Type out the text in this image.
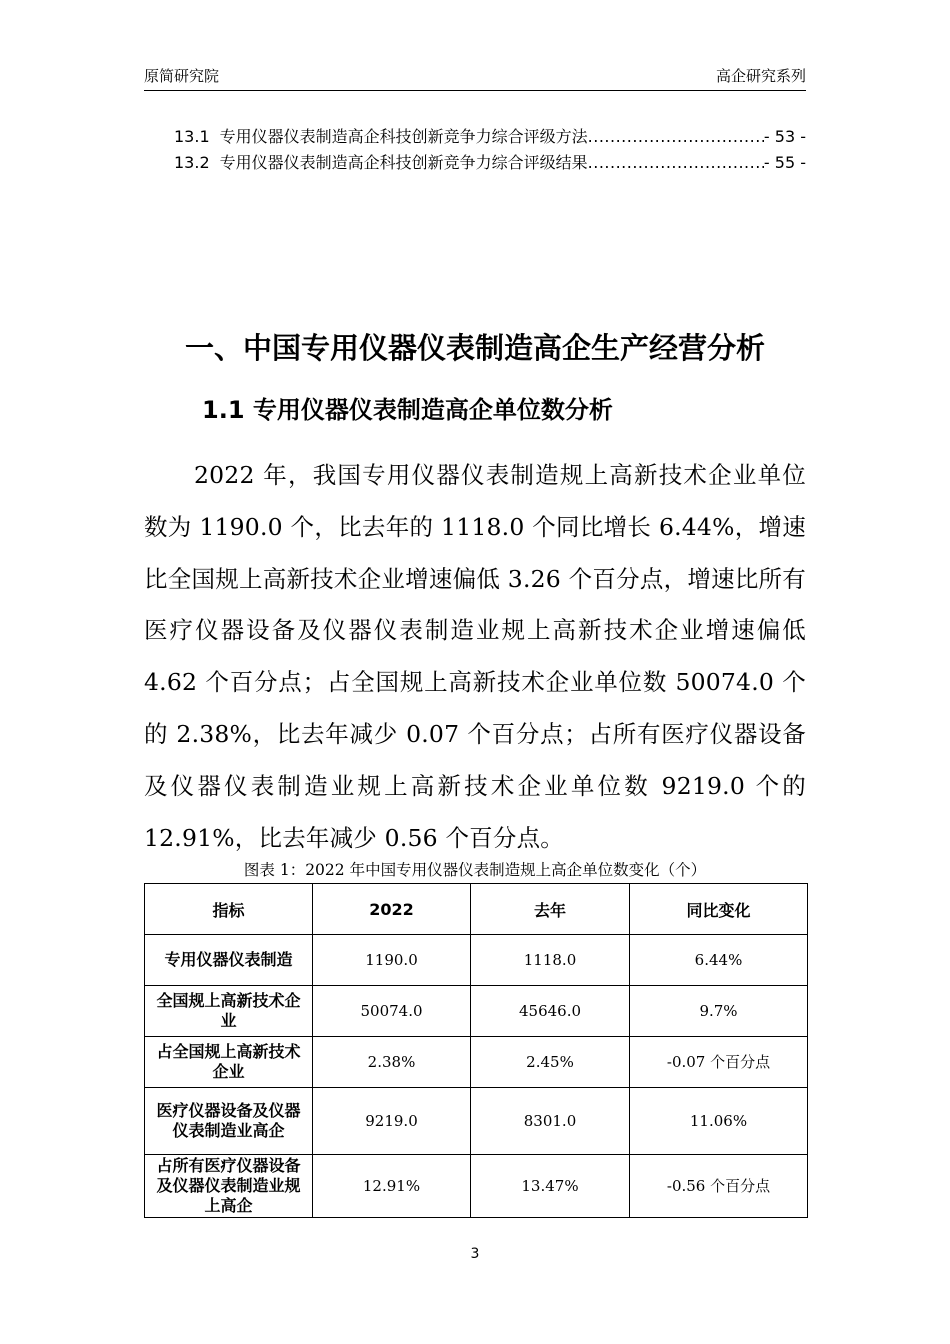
原简研究院	高企研究系列
13.1 专用仪器仪表制造高企科技创新竞争力综合评级方法 .....	- 53 -
13.2 专用仪器仪表制造高企科技创新竞争力综合评级结果 .....	- 55 -
一、中国专用仪器仪表制造高企生产经营分析
1.1 专用仪器仪表制造高企单位数分析

2022 年，我国专用仪器仪表制造规上高新技术企业单位数为 1190.0 个，比去年的 1118.0 个同比增长 6.44%，增速比全国规上高新技术企业增速偏低 3.26 个百分点，增速比所有医疗仪器设备及仪器仪表制造业规上高新技术企业增速偏低 4.62 个百分点；占全国规上高新技术企业单位数 50074.0 个的 2.38%，比去年减少 0.07 个百分点；占所有医疗仪器设备及仪器仪表制造业规上高新技术企业单位数 9219.0 个的 12.91%，比去年减少 0.56 个百分点。

图表 1：2022 年中国专用仪器仪表制造规上高企单位数变化（个）
指标	2022	去年	同比变化
专用仪器仪表制造	1190.0	1118.0	6.44%
全国规上高新技术企业	50074.0	45646.0	9.7%
占全国规上高新技术企业	2.38%	2.45%	-0.07 个百分点
医疗仪器设备及仪器仪表制造业高企	9219.0	8301.0	11.06%
占所有医疗仪器设备及仪器仪表制造业规上高企	12.91%	13.47%	-0.56 个百分点
3
